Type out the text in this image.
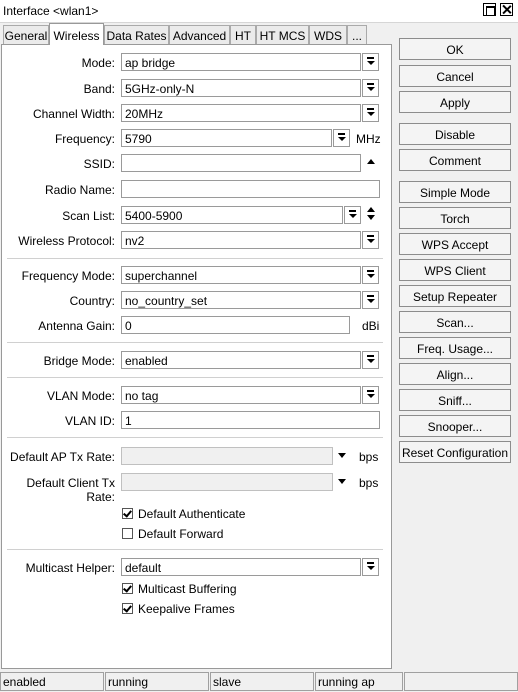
Interface <wlan1>
General Wireless Data Rates Advanced HT HT MCS WDS ...
Mode: ap bridge
Band: 5GHz-only-N
Channel Width: 20MHz
Frequency: 5790	MHz
SSID:
Radio Name:
Scan List: 5400-5900
Wireless Protocol: nv2
Frequency Mode: superchannel
Country: no_country_set
Antenna Gain: 0	dBi
Bridge Mode: enabled
VLAN Mode: no tag
VLAN ID: 1
Default AP Tx Rate:	bps
Default Client Tx Rate:
bps
Default Authenticate
Default Forward
Multicast Helper: default
Multicast Buffering
Keepalive Frames
OK
Cancel
Apply
Disable
Comment
Simple Mode
Torch
WPS Accept
WPS Client
Setup Repeater
Scan...
Freq. Usage...
Align...
Sniff...
Snooper...
Reset Configuration
enabled	running	slave	running ap
